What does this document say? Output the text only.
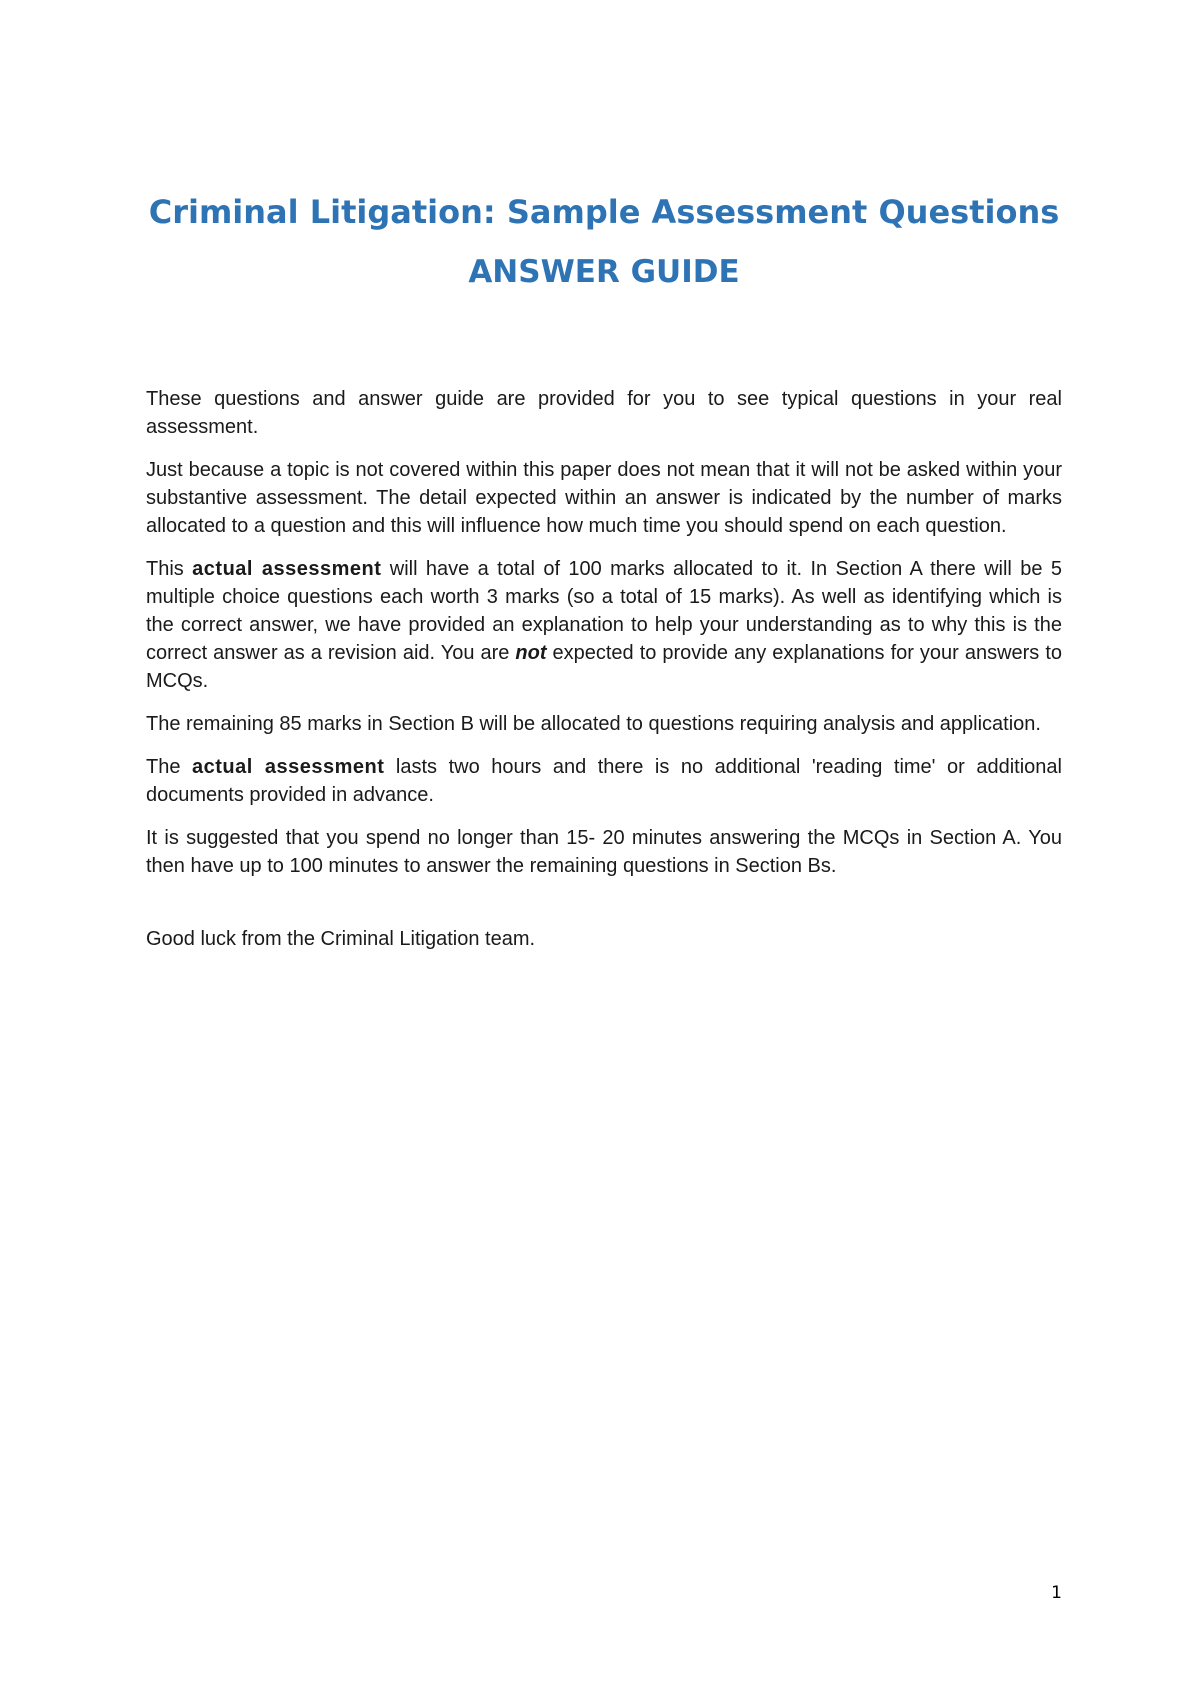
Criminal Litigation: Sample Assessment Questions
ANSWER GUIDE

These questions and answer guide are provided for you to see typical questions in your real assessment.

Just because a topic is not covered within this paper does not mean that it will not be asked within your substantive assessment. The detail expected within an answer is indicated by the number of marks allocated to a question and this will influence how much time you should spend on each question.

This actual assessment will have a total of 100 marks allocated to it. In Section A there will be 5 multiple choice questions each worth 3 marks (so a total of 15 marks). As well as identifying which is the correct answer, we have provided an explanation to help your understanding as to why this is the correct answer as a revision aid. You are not expected to provide any explanations for your answers to MCQs.

The remaining 85 marks in Section B will be allocated to questions requiring analysis and application.

The actual assessment lasts two hours and there is no additional 'reading time' or additional documents provided in advance.

It is suggested that you spend no longer than 15- 20 minutes answering the MCQs in Section A. You then have up to 100 minutes to answer the remaining questions in Section Bs.

Good luck from the Criminal Litigation team.

1
